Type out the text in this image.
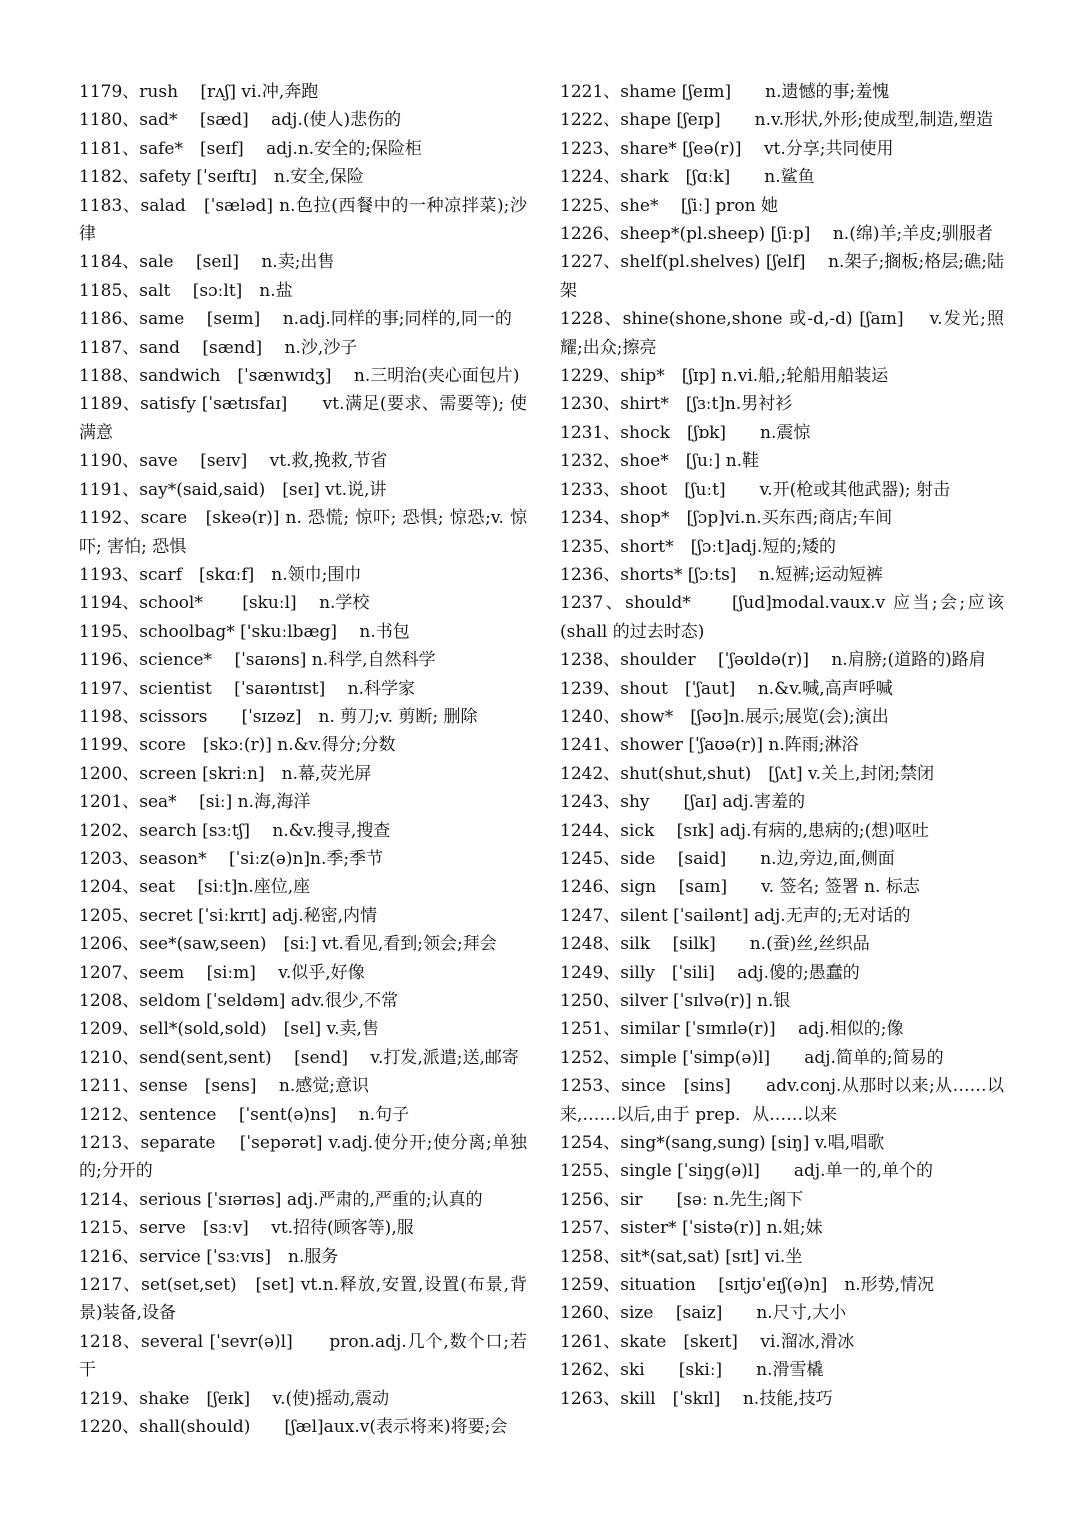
1179、rush　 [rʌʃ] vi.冲,奔跑
1180、sad*　 [sæd]　 adj.(使人)悲伤的
1181、safe*　[seɪf]　 adj.n.安全的;保险柜
1182、safety [ˈseɪftɪ]　n.安全,保险
1183、salad　[ˈsæləd] n.色拉(西餐中的一种凉拌菜);沙律
1184、sale　 [seɪl]　 n.卖;出售
1185、salt　 [sɔːlt]　n.盐
1186、same　 [seɪm]　 n.adj.同样的事;同样的,同一的
1187、sand　 [sænd]　 n.沙,沙子
1188、sandwich　[ˈsænwɪdʒ]　 n.三明治(夹心面包片)
1189、satisfy [ˈsætɪsfaɪ]　　vt.满足(要求、需要等); 使满意
1190、save　 [seɪv]　 vt.救,挽救,节省
1191、say*(said,said)　[seɪ] vt.说,讲
1192、scare　[skeə(r)] n. 恐慌; 惊吓; 恐惧; 惊恐;v. 惊吓; 害怕; 恐惧
1193、scarf　[skɑːf]　n.领巾;围巾
1194、school*　　 [skuːl]　 n.学校
1195、schoolbag* ['skuːlbæg]　 n.书包
1196、science*　 [ˈsaɪəns] n.科学,自然科学
1197、scientist　 [ˈsaɪəntɪst]　 n.科学家
1198、scissors　　[ˈsɪzəz]　n. 剪刀;v. 剪断; 删除
1199、score　[skɔː(r)] n.&v.得分;分数
1200、screen [skriːn]　n.幕,荧光屏
1201、sea*　 [siː] n.海,海洋
1202、search [sɜːtʃ]　 n.&v.搜寻,搜查
1203、season*　 [ˈsiːz(ə)n]n.季;季节
1204、seat　 [siːt]n.座位,座
1205、secret [ˈsiːkrɪt] adj.秘密,内情
1206、see*(saw,seen)　[siː] vt.看见,看到;领会;拜会
1207、seem　 [siːm]　 v.似乎,好像
1208、seldom [ˈseldəm] adv.很少,不常
1209、sell*(sold,sold)　[sel] v.卖,售
1210、send(sent,sent)　 [send]　 v.打发,派遣;送,邮寄
1211、sense　[sens]　 n.感觉;意识
1212、sentence　 [ˈsent(ə)ns]　 n.句子
1213、separate　 [ˈsepərət] v.adj.使分开;使分离;单独的;分开的
1214、serious [ˈsɪərɪəs] adj.严肃的,严重的;认真的
1215、serve　[sɜːv]　 vt.招待(顾客等),服
1216、service [ˈsɜːvɪs]　n.服务
1217、set(set,set)　[set] vt.n.释放,安置,设置(布景,背景)装备,设备
1218、several [ˈsevr(ə)l]　　pron.adj.几个,数个口;若干
1219、shake　[ʃeɪk]　 v.(使)摇动,震动
1220、shall(should)　　[ʃæl]aux.v(表示将来)将要;会
1221、shame [ʃeɪm]　　n.遗憾的事;羞愧
1222、shape [ʃeɪp]　　n.v.形状,外形;使成型,制造,塑造
1223、share* [ʃeə(r)]　 vt.分享;共同使用
1224、shark　[ʃɑːk]　　n.鲨鱼
1225、she*　 [ʃiː] pron 她
1226、sheep*(pl.sheep) [ʃiːp]　 n.(绵)羊;羊皮;驯服者
1227、shelf(pl.shelves) [ʃelf]　 n.架子;搁板;格层;礁;陆架
1228、shine(shone,shone 或-d,-d) [ʃaɪn]　 v.发光;照耀;出众;擦亮
1229、ship*　[ʃɪp] n.vi.船,;轮船用船装运
1230、shirt*　[ʃɜːt]n.男衬衫
1231、shock　[ʃɒk]　　n.震惊
1232、shoe*　[ʃuː] n.鞋
1233、shoot　[ʃuːt]　　v.开(枪或其他武器); 射击
1234、shop*　[ʃɔp]vi.n.买东西;商店;车间
1235、short*　[ʃɔːt]adj.短的;矮的
1236、shorts* [ʃɔːts]　 n.短裤;运动短裤
1237、should*　　[ʃud]modal.vaux.v 应当;会;应该(shall 的过去时态)
1238、shoulder　 [ˈʃəʊldə(r)]　 n.肩膀;(道路的)路肩
1239、shout　[ˈʃaut]　 n.&v.喊,高声呼喊
1240、show*　[ʃəʊ]n.展示;展览(会);演出
1241、shower [ˈʃaʊə(r)] n.阵雨;淋浴
1242、shut(shut,shut)　[ʃʌt] v.关上,封闭;禁闭
1243、shy　　[ʃaɪ] adj.害羞的
1244、sick　 [sɪk] adj.有病的,患病的;(想)呕吐
1245、side　 [said]　　n.边,旁边,面,侧面
1246、sign　 [saɪn]　　v. 签名; 签署 n. 标志
1247、silent [ˈsailənt] adj.无声的;无对话的
1248、silk　 [silk]　　n.(蚕)丝,丝织品
1249、silly　[ˈsili]　 adj.傻的;愚蠢的
1250、silver [ˈsɪlvə(r)] n.银
1251、similar [ˈsɪmɪlə(r)]　 adj.相似的;像
1252、simple [ˈsimp(ə)l]　　adj.简单的;简易的
1253、since　[sins]　　adv.conj.从那时以来;从……以来,……以后,由于 prep．从……以来
1254、sing*(sang,sung) [siŋ] v.唱,唱歌
1255、single [ˈsiŋg(ə)l]　　adj.单一的,单个的
1256、sir　　[səː n.先生;阁下
1257、sister* [ˈsistə(r)] n.姐;妹
1258、sit*(sat,sat) [sɪt] vi.坐
1259、situation　 [sɪtjʊˈeɪʃ(ə)n]　n.形势,情况
1260、size　 [saiz]　　n.尺寸,大小
1261、skate　[skeɪt]　 vi.溜冰,滑冰
1262、ski　　[skiː]　　n.滑雪橇
1263、skill　[ˈskɪl]　 n.技能,技巧
